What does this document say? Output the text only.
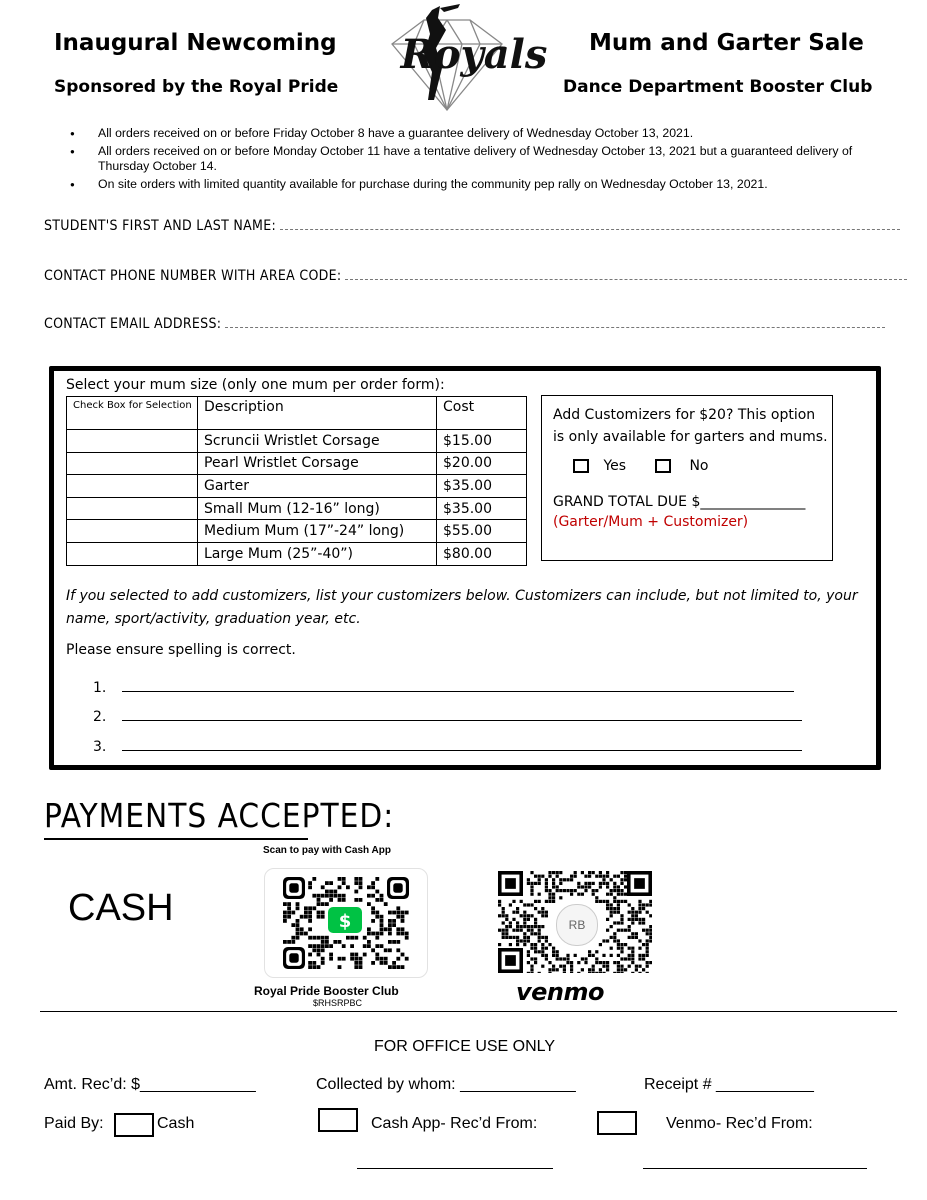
Inaugural Newcoming
Sponsored by the Royal Pride
Mum and Garter Sale
Dance Department Booster Club
Royals
● All orders received on or before Friday October 8 have a guarantee delivery of Wednesday October 13, 2021.
● All orders received on or before Monday October 11 have a tentative delivery of Wednesday October 13, 2021 but a guaranteed delivery of Thursday October 14.
● On site orders with limited quantity available for purchase during the community pep rally on Wednesday October 13, 2021.
STUDENT'S FIRST AND LAST NAME:
CONTACT PHONE NUMBER WITH AREA CODE:
CONTACT EMAIL ADDRESS:
Select your mum size (only one mum per order form):
Check Box for Selection	Description	Cost
	Scruncii Wristlet Corsage	$15.00
	Pearl Wristlet Corsage	$20.00
	Garter	$35.00
	Small Mum (12-16” long)	$35.00
	Medium Mum (17”-24” long)	$55.00
	Large Mum (25”-40”)	$80.00
Add Customizers for $20? This option is only available for garters and mums.
Yes	No
GRAND TOTAL DUE $_______________
(Garter/Mum + Customizer)
If you selected to add customizers, list your customizers below. Customizers can include, but not limited to, your name, sport/activity, graduation year, etc.
Please ensure spelling is correct.
1.
2.
3.
PAYMENTS ACCEPTED:
CASH
Scan to pay with Cash App
$
Royal Pride Booster Club
$RHSRPBC
RB
venmo
FOR OFFICE USE ONLY
Amt. Rec’d: $_____________	Collected by whom: _____________	Receipt # ___________
Paid By:	Cash	Cash App- Rec’d From:	Venmo- Rec’d From:
